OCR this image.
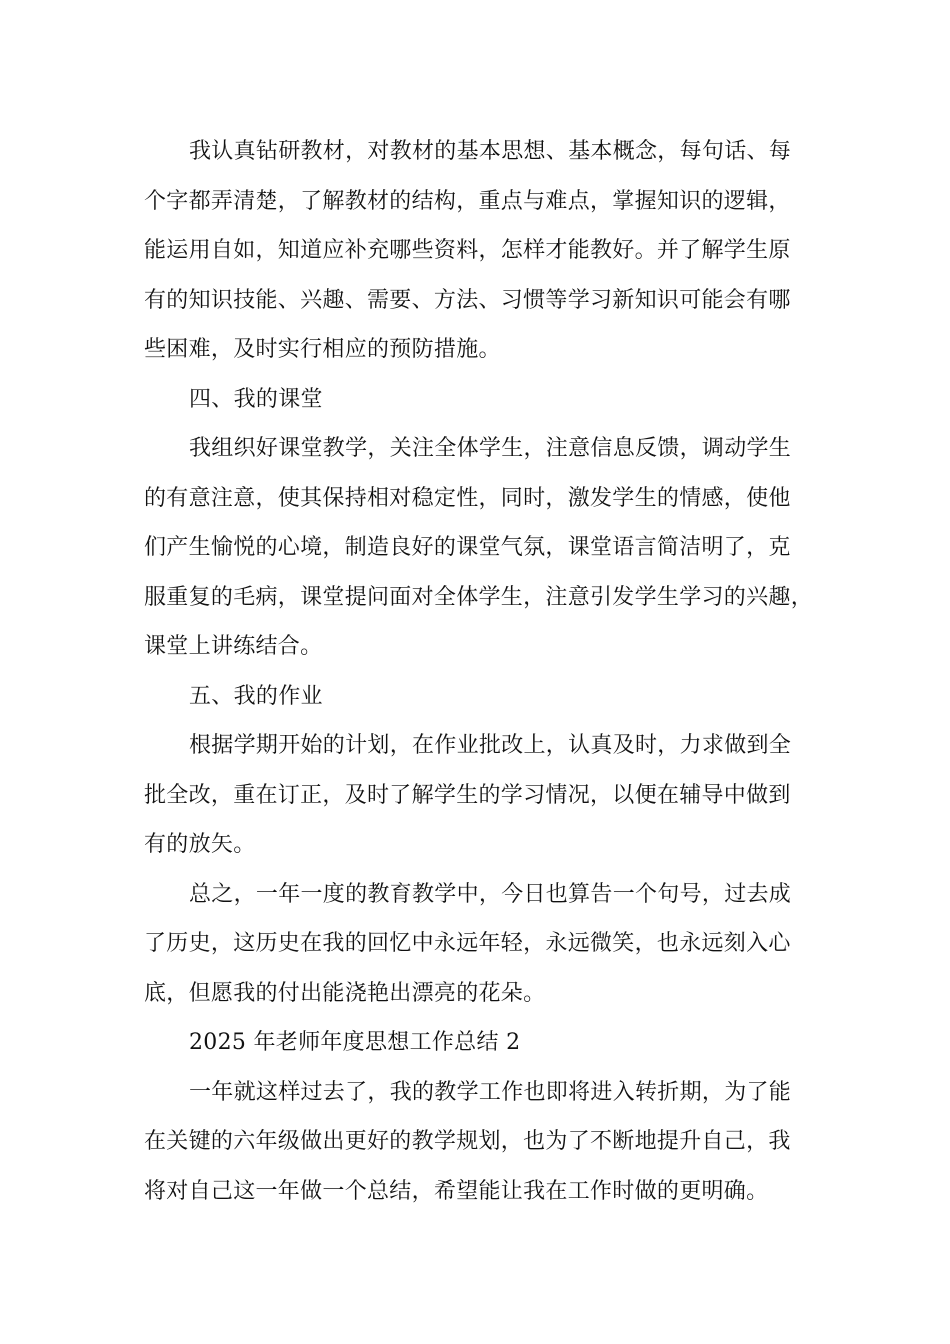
我认真钻研教材，对教材的基本思想、基本概念，每句话、每
个字都弄清楚，了解教材的结构，重点与难点，掌握知识的逻辑，
能运用自如，知道应补充哪些资料，怎样才能教好。并了解学生原
有的知识技能、兴趣、需要、方法、习惯等学习新知识可能会有哪
些困难，及时实行相应的预防措施。
四、我的课堂
我组织好课堂教学，关注全体学生，注意信息反馈，调动学生
的有意注意，使其保持相对稳定性，同时，激发学生的情感，使他
们产生愉悦的心境，制造良好的课堂气氛，课堂语言简洁明了，克
服重复的毛病，课堂提问面对全体学生，注意引发学生学习的兴趣，
课堂上讲练结合。
五、我的作业
根据学期开始的计划，在作业批改上，认真及时，力求做到全
批全改，重在订正，及时了解学生的学习情况，以便在辅导中做到
有的放矢。
总之，一年一度的教育教学中，今日也算告一个句号，过去成
了历史，这历史在我的回忆中永远年轻，永远微笑，也永远刻入心
底，但愿我的付出能浇艳出漂亮的花朵。
2025 年老师年度思想工作总结 2
一年就这样过去了，我的教学工作也即将进入转折期，为了能
在关键的六年级做出更好的教学规划，也为了不断地提升自己，我
将对自己这一年做一个总结，希望能让我在工作时做的更明确。
